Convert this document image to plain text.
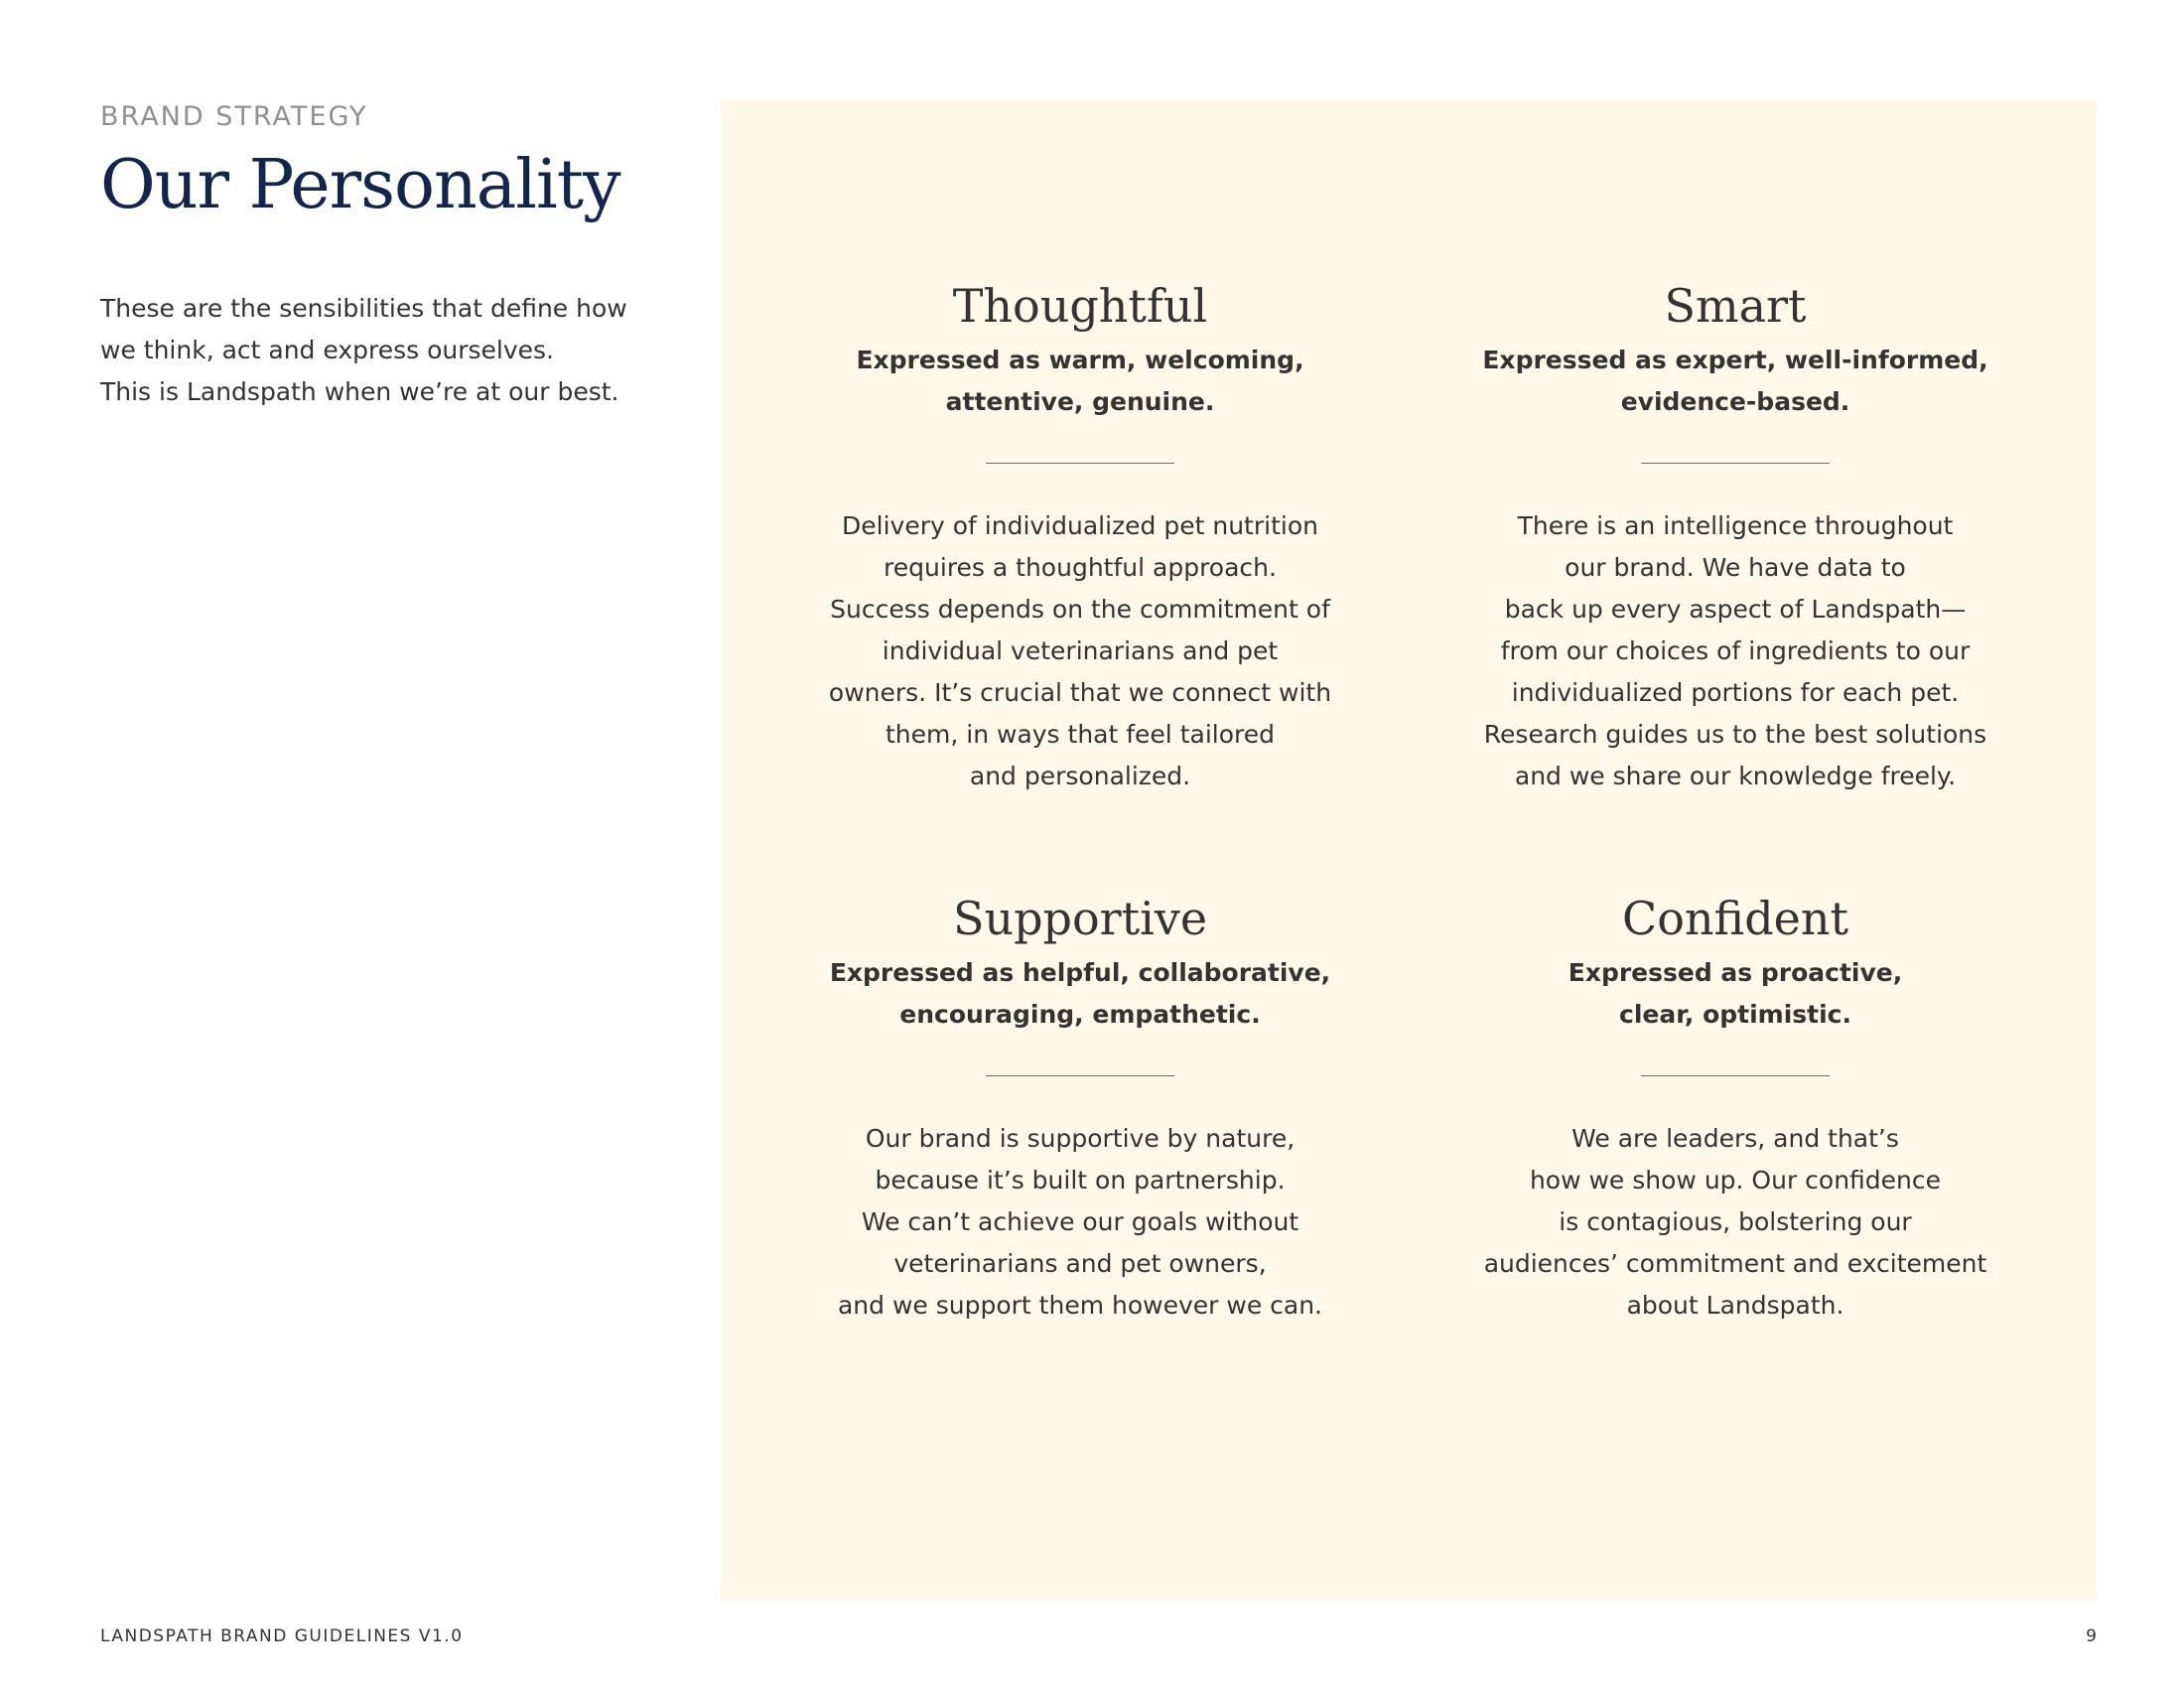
BRAND STRATEGY
Our Personality
These are the sensibilities that define how
we think, act and express ourselves.
This is Landspath when we’re at our best.
Thoughtful
Expressed as warm, welcoming,
attentive, genuine.
Delivery of individualized pet nutrition
requires a thoughtful approach.
Success depends on the commitment of
individual veterinarians and pet
owners. It’s crucial that we connect with
them, in ways that feel tailored
and personalized.
Smart
Expressed as expert, well-informed,
evidence-based.
There is an intelligence throughout
our brand. We have data to
back up every aspect of Landspath—
from our choices of ingredients to our
individualized portions for each pet.
Research guides us to the best solutions
and we share our knowledge freely.
Supportive
Expressed as helpful, collaborative,
encouraging, empathetic.
Our brand is supportive by nature,
because it’s built on partnership.
We can’t achieve our goals without
veterinarians and pet owners,
and we support them however we can.
Confident
Expressed as proactive,
clear, optimistic.
We are leaders, and that’s
how we show up. Our confidence
is contagious, bolstering our
audiences’ commitment and excitement
about Landspath.
LANDSPATH BRAND GUIDELINES V1.0	9
